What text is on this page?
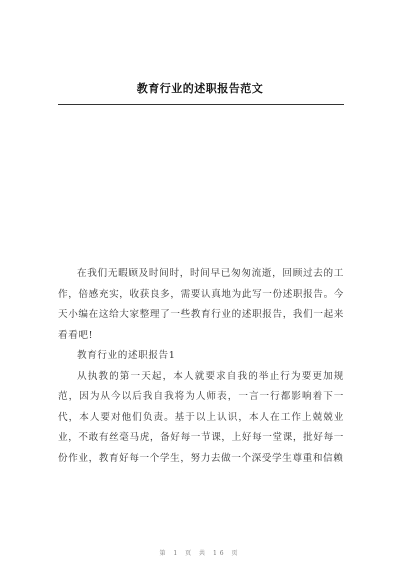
教育行业的述职报告范文

在我们无暇顾及时间时，时间早已匆匆流逝，回顾过去的工作，倍感充实，收获良多，需要认真地为此写一份述职报告。今天小编在这给大家整理了一些教育行业的述职报告，我们一起来看看吧!

教育行业的述职报告1

从执教的第一天起，本人就要求自我的举止行为要更加规范，因为从今以后我自我将为人师表，一言一行都影响着下一代，本人要对他们负责。基于以上认识，本人在工作上兢兢业业，不敢有丝毫马虎，备好每一节课，上好每一堂课，批好每一份作业，教育好每一个学生，努力去做一个深受学生尊重和信赖

第 1 页 共 16 页
